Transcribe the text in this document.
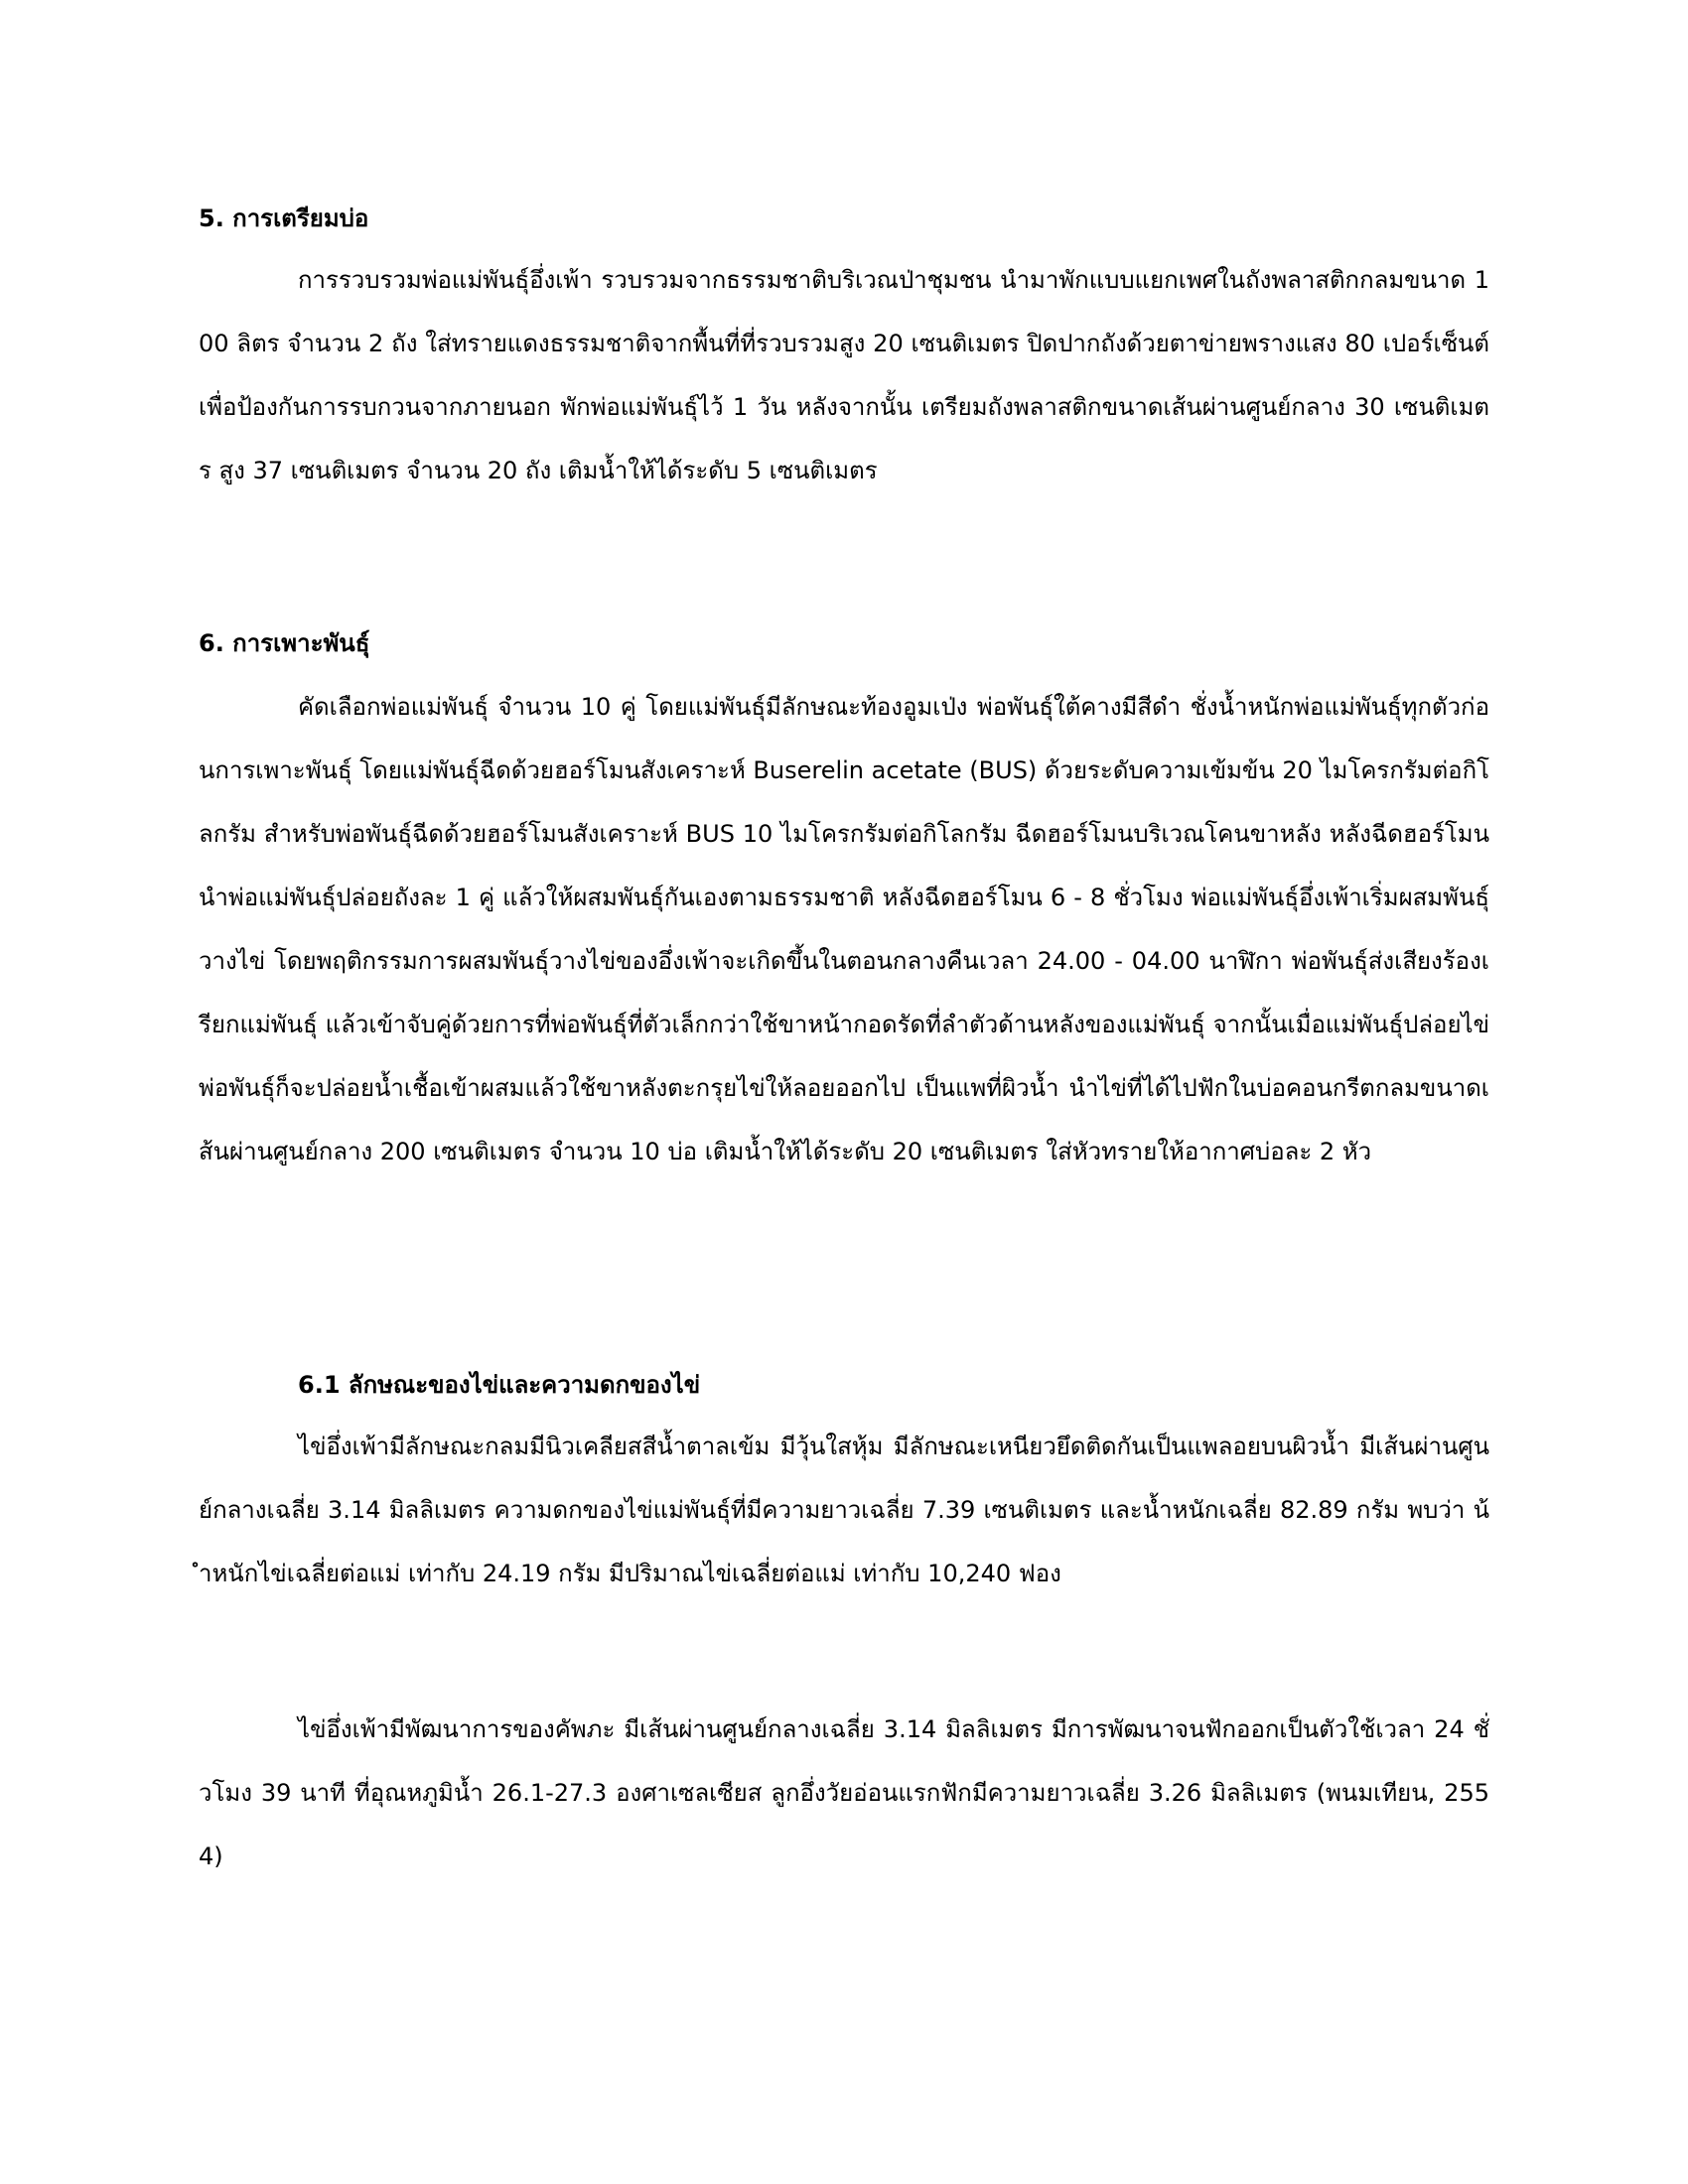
5. การเตรียมบ่อ

การรวบรวมพ่อแม่พันธุ์อึ่งเพ้า รวบรวมจากธรรมชาติบริเวณป่าชุมชน นำมาพักแบบแยกเพศในถังพลาสติกกลมขนาด 100 ลิตร จำนวน 2 ถัง ใส่ทรายแดงธรรมชาติจากพื้นที่ที่รวบรวมสูง 20 เซนติเมตร ปิดปากถังด้วยตาข่ายพรางแสง 80 เปอร์เซ็นต์ เพื่อป้องกันการรบกวนจากภายนอก พักพ่อแม่พันธุ์ไว้ 1 วัน หลังจากนั้น เตรียมถังพลาสติกขนาดเส้นผ่านศูนย์กลาง 30 เซนติเมตร สูง 37 เซนติเมตร จำนวน 20 ถัง เติมน้ำให้ได้ระดับ 5 เซนติเมตร

6. การเพาะพันธุ์

คัดเลือกพ่อแม่พันธุ์ จำนวน 10 คู่ โดยแม่พันธุ์มีลักษณะท้องอูมเป่ง พ่อพันธุ์ใต้คางมีสีดำ ชั่งน้ำหนักพ่อแม่พันธุ์ทุกตัวก่อนการเพาะพันธุ์ โดยแม่พันธุ์ฉีดด้วยฮอร์โมนสังเคราะห์ Buserelin acetate (BUS) ด้วยระดับความเข้มข้น 20 ไมโครกรัมต่อกิโลกรัม สำหรับพ่อพันธุ์ฉีดด้วยฮอร์โมนสังเคราะห์ BUS 10 ไมโครกรัมต่อกิโลกรัม ฉีดฮอร์โมนบริเวณโคนขาหลัง หลังฉีดฮอร์โมนนำพ่อแม่พันธุ์ปล่อยถังละ 1 คู่ แล้วให้ผสมพันธุ์กันเองตามธรรมชาติ หลังฉีดฮอร์โมน 6 - 8 ชั่วโมง พ่อแม่พันธุ์อึ่งเพ้าเริ่มผสมพันธุ์วางไข่ โดยพฤติกรรมการผสมพันธุ์วางไข่ของอึ่งเพ้าจะเกิดขึ้นในตอนกลางคืนเวลา 24.00 - 04.00 นาฬิกา พ่อพันธุ์ส่งเสียงร้องเรียกแม่พันธุ์ แล้วเข้าจับคู่ด้วยการที่พ่อพันธุ์ที่ตัวเล็กกว่าใช้ขาหน้ากอดรัดที่ลำตัวด้านหลังของแม่พันธุ์ จากนั้นเมื่อแม่พันธุ์ปล่อยไข่พ่อพันธุ์ก็จะปล่อยน้ำเชื้อเข้าผสมแล้วใช้ขาหลังตะกรุยไข่ให้ลอยออกไป เป็นแพที่ผิวน้ำ นำไข่ที่ได้ไปฟักในบ่อคอนกรีตกลมขนาดเส้นผ่านศูนย์กลาง 200 เซนติเมตร จำนวน 10 บ่อ เติมน้ำให้ได้ระดับ 20 เซนติเมตร ใส่หัวทรายให้อากาศบ่อละ 2 หัว

6.1 ลักษณะของไข่และความดกของไข่

ไข่อึ่งเพ้ามีลักษณะกลมมีนิวเคลียสสีน้ำตาลเข้ม มีวุ้นใสหุ้ม มีลักษณะเหนียวยึดติดกันเป็นแพลอยบนผิวน้ำ มีเส้นผ่านศูนย์กลางเฉลี่ย 3.14 มิลลิเมตร ความดกของไข่แม่พันธุ์ที่มีความยาวเฉลี่ย 7.39 เซนติเมตร และน้ำหนักเฉลี่ย 82.89 กรัม พบว่า น้ำหนักไข่เฉลี่ยต่อแม่ เท่ากับ 24.19 กรัม มีปริมาณไข่เฉลี่ยต่อแม่ เท่ากับ 10,240 ฟอง

ไข่อึ่งเพ้ามีพัฒนาการของคัพภะ มีเส้นผ่านศูนย์กลางเฉลี่ย 3.14 มิลลิเมตร มีการพัฒนาจนฟักออกเป็นตัวใช้เวลา 24 ชั่วโมง 39 นาที ที่อุณหภูมิน้ำ 26.1-27.3 องศาเซลเซียส ลูกอึ่งวัยอ่อนแรกฟักมีความยาวเฉลี่ย 3.26 มิลลิเมตร (พนมเทียน, 2554)
